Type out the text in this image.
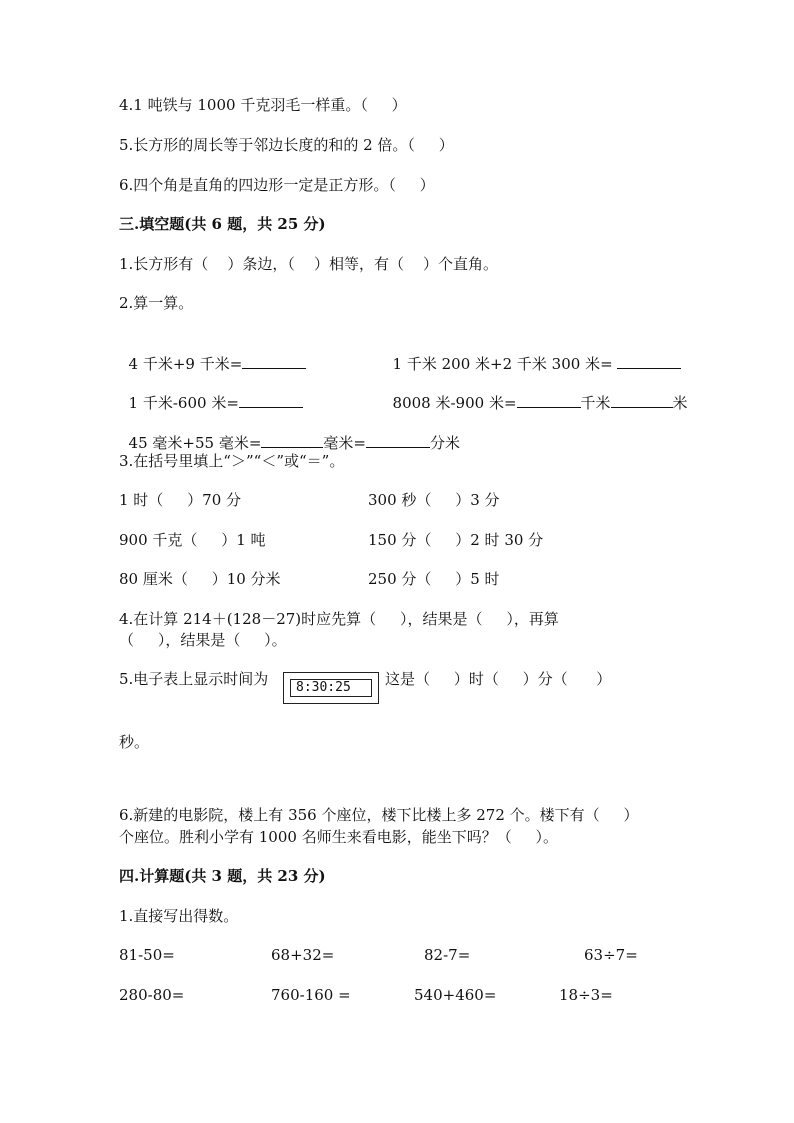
4.1 吨铁与 1000 千克羽毛一样重。（     ）
5.长方形的周长等于邻边长度的和的 2 倍。（     ）
6.四个角是直角的四边形一定是正方形。（     ）
三.填空题(共 6 题，共 25 分)
1.长方形有（    ）条边，（    ）相等，有（    ）个直角。
2.算一算。

4 千米+9 千米=	1 千米 200 米+2 千米 300 米=

1 千米-600 米=	8008 米-900 米=	千米	米

45 毫米+55 毫米=	毫米=	分米

3.在括号里填上“＞”“＜”或“＝”。
1 时（     ）70 分	300 秒（     ）3 分
900 千克（     ）1 吨	150 分（     ）2 时 30 分
80 厘米（     ）10 分米	250 分（     ）5 时
4.在计算 214＋(128－27)时应先算（     ），结果是（     ），再算
（     ），结果是（     ）。
5.电子表上显示时间为	8:30:25	这是（     ）时（     ）分（      ）
秒。
6.新建的电影院，楼上有 356 个座位，楼下比楼上多 272 个。楼下有（     ）
个座位。胜利小学有 1000 名师生来看电影，能坐下吗？（     ）。
四.计算题(共 3 题，共 23 分)
1.直接写出得数。
81-50=	68+32=	82-7=	63÷7=
280-80=	760-160 =	540+460=	18÷3=
